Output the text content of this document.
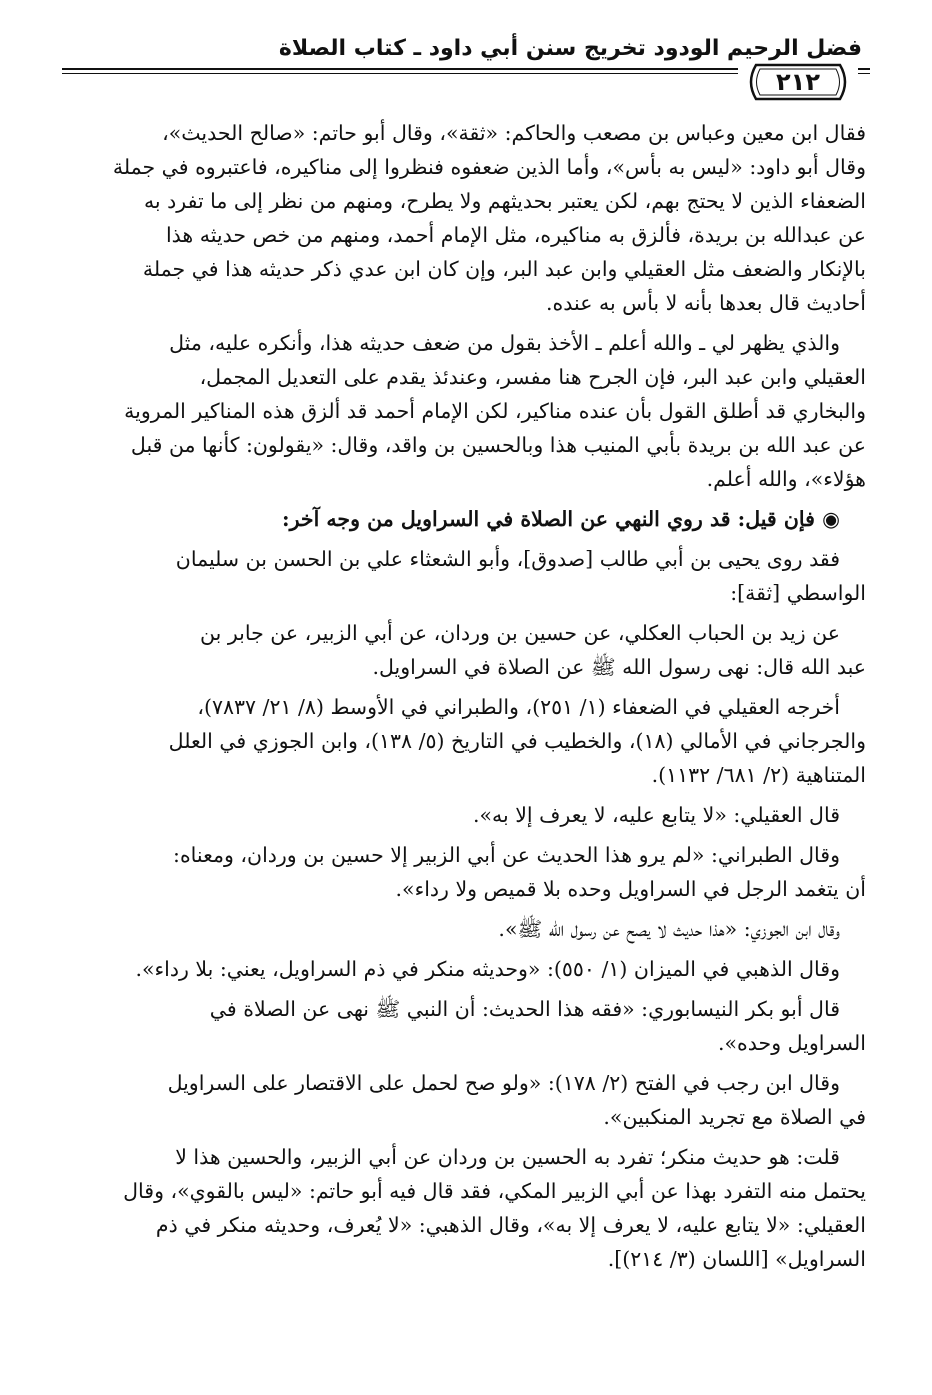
فضل الرحيم الودود تخريج سنن أبي داود ـ كتاب الصلاة
٢١٢
فقال ابن معين وعباس بن مصعب والحاكم: «ثقة»، وقال أبو حاتم: «صالح الحديث»،
وقال أبو داود: «ليس به بأس»، وأما الذين ضعفوه فنظروا إلى مناكيره، فاعتبروه في جملة
الضعفاء الذين لا يحتج بهم، لكن يعتبر بحديثهم ولا يطرح، ومنهم من نظر إلى ما تفرد به
عن عبدالله بن بريدة، فألزق به مناكيره، مثل الإمام أحمد، ومنهم من خص حديثه هذا
بالإنكار والضعف مثل العقيلي وابن عبد البر، وإن كان ابن عدي ذكر حديثه هذا في جملة
أحاديث قال بعدها بأنه لا بأس به عنده.
والذي يظهر لي ـ والله أعلم ـ الأخذ بقول من ضعف حديثه هذا، وأنكره عليه، مثل
العقيلي وابن عبد البر، فإن الجرح هنا مفسر، وعندئذ يقدم على التعديل المجمل،
والبخاري قد أطلق القول بأن عنده مناكير، لكن الإمام أحمد قد ألزق هذه المناكير المروية
عن عبد الله بن بريدة بأبي المنيب هذا وبالحسين بن واقد، وقال: «يقولون: كأنها من قبل
هؤلاء»، والله أعلم.
◉ فإن قيل: قد روي النهي عن الصلاة في السراويل من وجه آخر:
فقد روى يحيى بن أبي طالب [صدوق]، وأبو الشعثاء علي بن الحسن بن سليمان
الواسطي [ثقة]:
عن زيد بن الحباب العكلي، عن حسين بن وردان، عن أبي الزبير، عن جابر بن
عبد الله قال: نهى رسول الله ﷺ عن الصلاة في السراويل.
أخرجه العقيلي في الضعفاء (١/ ٢٥١)، والطبراني في الأوسط (٨/ ٢١/ ٧٨٣٧)،
والجرجاني في الأمالي (١٨)، والخطيب في التاريخ (٥/ ١٣٨)، وابن الجوزي في العلل
المتناهية (٢/ ٦٨١/ ١١٣٢).
قال العقيلي: «لا يتابع عليه، لا يعرف إلا به».
وقال الطبراني: «لم يرو هذا الحديث عن أبي الزبير إلا حسين بن وردان، ومعناه:
أن يتغمد الرجل في السراويل وحده بلا قميص ولا رداء».
وقال ابن الجوزي: «هذا حديث لا يصح عن رسول الله ﷺ».
وقال الذهبي في الميزان (١/ ٥٥٠): «وحديثه منكر في ذم السراويل، يعني: بلا رداء».
قال أبو بكر النيسابوري: «فقه هذا الحديث: أن النبي ﷺ نهى عن الصلاة في
السراويل وحده».
وقال ابن رجب في الفتح (٢/ ١٧٨): «ولو صح لحمل على الاقتصار على السراويل
في الصلاة مع تجريد المنكبين».
قلت: هو حديث منكر؛ تفرد به الحسين بن وردان عن أبي الزبير، والحسين هذا لا
يحتمل منه التفرد بهذا عن أبي الزبير المكي، فقد قال فيه أبو حاتم: «ليس بالقوي»، وقال
العقيلي: «لا يتابع عليه، لا يعرف إلا به»، وقال الذهبي: «لا يُعرف، وحديثه منكر في ذم
السراويل» [اللسان (٣/ ٢١٤)].
